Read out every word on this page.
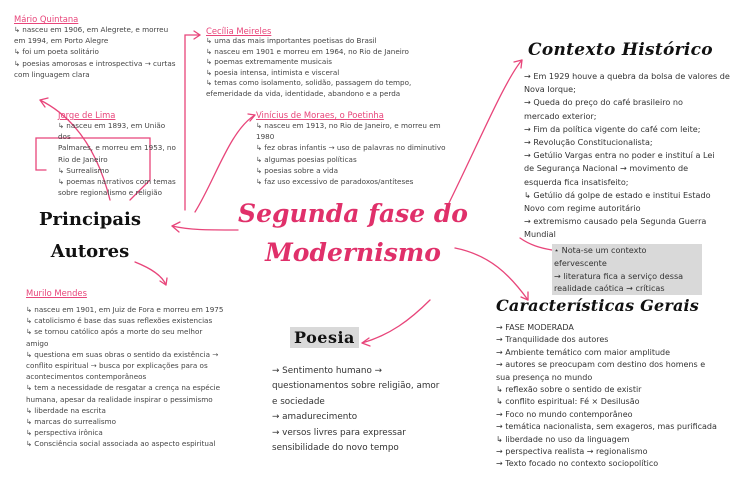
Segunda fase do
Modernismo
Principais
Autores
Mário Quintana
↳ nasceu em 1906, em Alegrete, e morreu
em 1994, em Porto Alegre
↳ foi um poeta solitário
↳ poesias amorosas e introspectiva → curtas
com linguagem clara
Cecília Meireles
↳ uma das mais importantes poetisas do Brasil
↳ nasceu em 1901 e morreu em 1964, no Rio de Janeiro
↳ poemas extremamente musicais
↳ poesia intensa, intimista e visceral
↳ temas como isolamento, solidão, passagem do tempo,
efemeridade da vida, identidade, abandono e a perda
Jorge de Lima
↳ nasceu em 1893, em União dos
Palmares, e morreu em 1953, no
Rio de Janeiro
↳ Surrealismo
↳ poemas narrativos com temas
sobre regionalismo e religião
Vinícius de Moraes, o Poetinha
↳ nasceu em 1913, no Rio de Janeiro, e morreu em
1980
↳ fez obras infantis → uso de palavras no diminutivo
↳ algumas poesias políticas
↳ poesias sobre a vida
↳ faz uso excessivo de paradoxos/antíteses
Murilo Mendes
↳ nasceu em 1901, em Juiz de Fora e morreu em 1975
↳ catolicismo é base das suas reflexões existencias
↳ se tornou católico após a morte do seu melhor
amigo
↳ questiona em suas obras o sentido da existência →
conflito espiritual → busca por explicações para os
acontecimentos contemporâneos
↳ tem a necessidade de resgatar a crença na espécie
humana, apesar da realidade inspirar o pessimismo
↳ liberdade na escrita
↳ marcas do surrealismo
↳ perspectiva irônica
↳ Consciência social associada ao aspecto espiritual
Contexto Histórico
→ Em 1929 houve a quebra da bolsa de valores de
Nova Iorque;
→ Queda do preço do café brasileiro no
mercado exterior;
→ Fim da política vigente do café com leite;
→ Revolução Constitucionalista;
→ Getúlio Vargas entra no poder e instituí a Lei
de Segurança Nacional → movimento de
esquerda fica insatisfeito;
↳ Getúlio dá golpe de estado e institui Estado
Novo com regime autoritário
→ extremismo causado pela Segunda Guerra
Mundial
⋆ Nota-se um contexto efervescente
→ literatura fica a serviço dessa
realidade caótica → críticas
Características Gerais
→ FASE MODERADA
→ Tranquilidade dos autores
→ Ambiente temático com maior amplitude
→ autores se preocupam com destino dos homens e
sua presença no mundo
↳ reflexão sobre o sentido de existir
↳ conflito espiritual: Fé × Desilusão
→ Foco no mundo contemporâneo
→ temática nacionalista, sem exageros, mas purificada
↳ liberdade no uso da linguagem
→ perspectiva realista → regionalismo
→ Texto focado no contexto sociopolítico
Poesia
→ Sentimento humano →
questionamentos sobre religião, amor
e sociedade
→ amadurecimento
→ versos livres para expressar
sensibilidade do novo tempo
